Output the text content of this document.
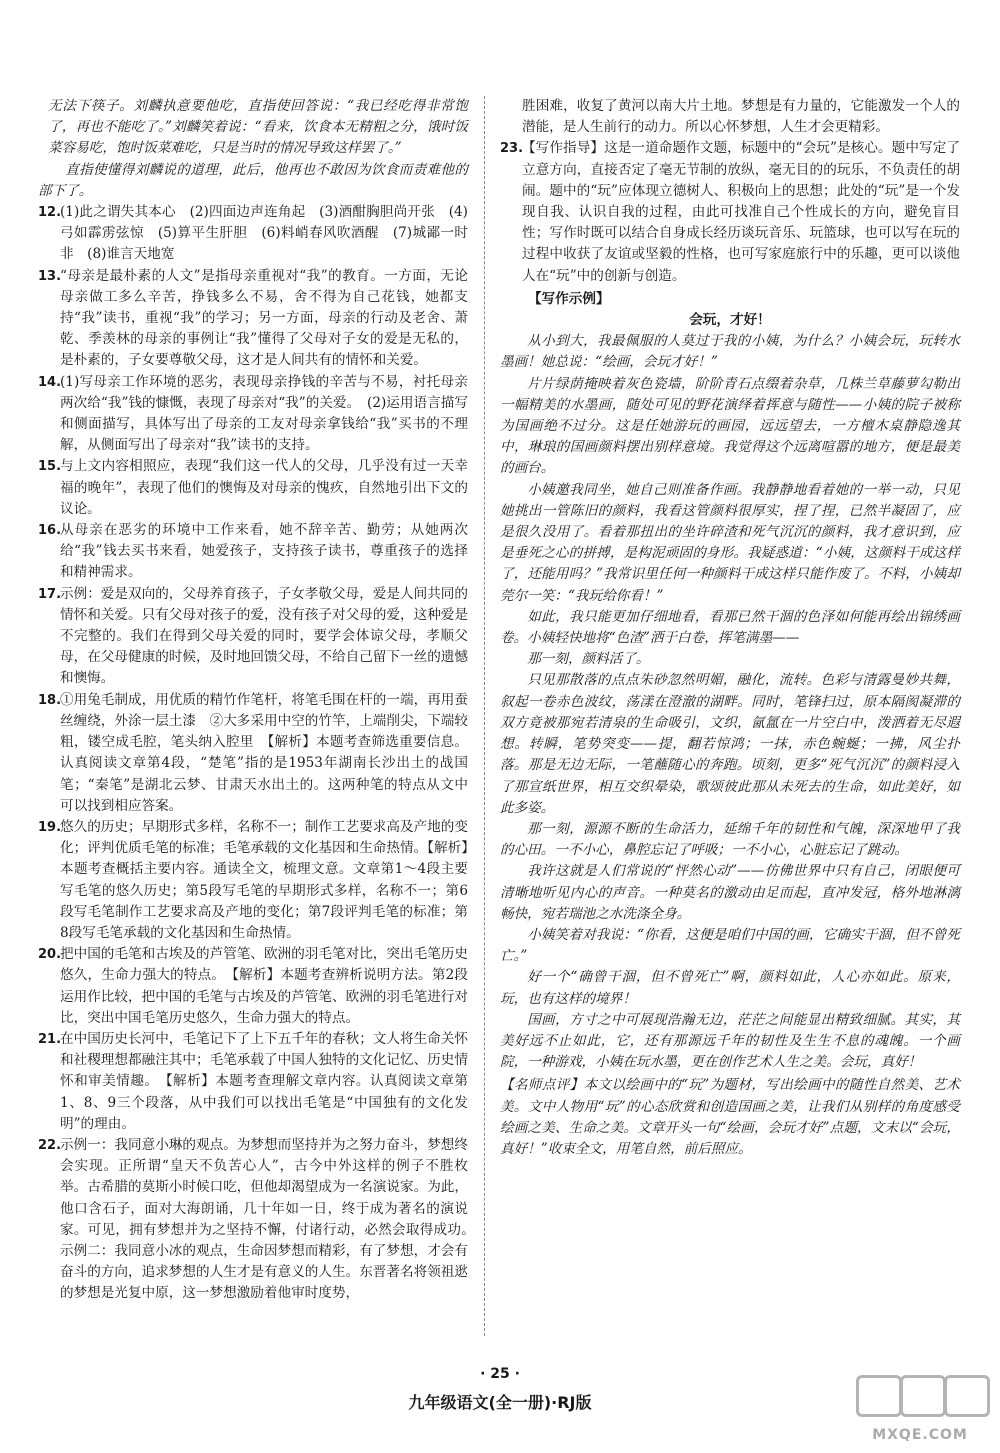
无法下筷子。刘麟执意要他吃，直指使回答说：“我已经吃得非常饱了，再也不能吃了。”刘麟笑着说：“看来，饮食本无精粗之分，饿时饭菜容易吃，饱时饭菜难吃，只是当时的情况导致这样罢了。”

直指使懂得刘麟说的道理，此后，他再也不敢因为饮食而责难他的部下了。

12.
(1)此之谓失其本心　(2)四面边声连角起　(3)酒酣胸胆尚开张　(4)弓如霹雳弦惊　(5)算平生肝胆　(6)料峭春风吹酒醒　(7)城鄙一时非　(8)谁言天地宽
13.
“母亲是最朴素的人文”是指母亲重视对“我”的教育。一方面，无论母亲做工多么辛苦，挣钱多么不易，舍不得为自己花钱，她都支持“我”读书，重视“我”的学习；另一方面，母亲的行动及老舍、萧乾、季羡林的母亲的事例让“我”懂得了父母对子女的爱是无私的，是朴素的，子女要尊敬父母，这才是人间共有的情怀和关爱。
14.
(1)写母亲工作环境的恶劣，表现母亲挣钱的辛苦与不易，衬托母亲两次给“我”钱的慷慨，表现了母亲对“我”的关爱。　(2)运用语言描写和侧面描写，具体写出了母亲的工友对母亲拿钱给“我”买书的不理解，从侧面写出了母亲对“我”读书的支持。
15.
与上文内容相照应，表现“我们这一代人的父母，几乎没有过一天幸福的晚年”，表现了他们的懊悔及对母亲的愧疚，自然地引出下文的议论。
16.
从母亲在恶劣的环境中工作来看，她不辞辛苦、勤劳；从她两次给“我”钱去买书来看，她爱孩子，支持孩子读书，尊重孩子的选择和精神需求。
17.
示例：爱是双向的，父母养育孩子，子女孝敬父母，爱是人间共同的情怀和关爱。只有父母对孩子的爱，没有孩子对父母的爱，这种爱是不完整的。我们在得到父母关爱的同时，要学会体谅父母，孝顺父母，在父母健康的时候，及时地回馈父母，不给自己留下一丝的遗憾和懊悔。
18.
①用兔毛制成，用优质的精竹作笔杆，将笔毛围在杆的一端，再用蚕丝缠绕，外涂一层土漆　②大多采用中空的竹竿，上端削尖，下端较粗，镂空成毛腔，笔头纳入腔里　【解析】本题考查筛选重要信息。认真阅读文章第4段，“楚笔”指的是1953年湖南长沙出土的战国笔；“秦笔”是湖北云梦、甘肃天水出土的。这两种笔的特点从文中可以找到相应答案。
19.
悠久的历史；早期形式多样，名称不一；制作工艺要求高及产地的变化；评判优质毛笔的标准；毛笔承载的文化基因和生命热情。【解析】本题考查概括主要内容。通读全文，梳理文意。文章第1～4段主要写毛笔的悠久历史；第5段写毛笔的早期形式多样，名称不一；第6段写毛笔制作工艺要求高及产地的变化；第7段评判毛笔的标准；第8段写毛笔承载的文化基因和生命热情。
20.
把中国的毛笔和古埃及的芦管笔、欧洲的羽毛笔对比，突出毛笔历史悠久，生命力强大的特点。　【解析】本题考查辨析说明方法。第2段运用作比较，把中国的毛笔与古埃及的芦管笔、欧洲的羽毛笔进行对比，突出中国毛笔历史悠久，生命力强大的特点。
21.
在中国历史长河中，毛笔记下了上下五千年的春秋；文人将生命关怀和社稷理想都融注其中；毛笔承载了中国人独特的文化记忆、历史情怀和审美情趣。　【解析】本题考查理解文章内容。认真阅读文章第1、8、9三个段落，从中我们可以找出毛笔是“中国独有的文化发明”的理由。
22.
示例一：我同意小琳的观点。为梦想而坚持并为之努力奋斗，梦想终会实现。正所谓“皇天不负苦心人”，古今中外这样的例子不胜枚举。古希腊的莫斯小时候口吃，但他却渴望成为一名演说家。为此，他口含石子，面对大海朗诵，几十年如一日，终于成为著名的演说家。可见，拥有梦想并为之坚持不懈，付诸行动，必然会取得成功。　示例二：我同意小冰的观点，生命因梦想而精彩，有了梦想，才会有奋斗的方向，追求梦想的人生才是有意义的人生。东晋著名将领祖逖的梦想是光复中原，这一梦想激励着他审时度势，

胜困难，收复了黄河以南大片土地。梦想是有力量的，它能激发一个人的潜能，是人生前行的动力。所以心怀梦想，人生才会更精彩。

23.
【写作指导】这是一道命题作文题，标题中的“会玩”是核心。题中写定了立意方向，直接否定了毫无节制的放纵，毫无目的的玩乐，不负责任的胡闹。题中的“玩”应体现立德树人、积极向上的思想；此处的“玩”是一个发现自我、认识自我的过程，由此可找准自己个性成长的方向，避免盲目性；写作时既可以结合自身成长经历谈玩音乐、玩篮球，也可以写在玩的过程中收获了友谊或坚毅的性格，也可写家庭旅行中的乐趣，更可以谈他人在“玩”中的创新与创造。

【写作示例】

会玩，才好！

从小到大，我最佩服的人莫过于我的小姨，为什么？小姨会玩，玩转水墨画！她总说：“绘画，会玩才好！”

片片绿荫掩映着灰色瓷墙，阶阶青石点缀着杂草，几株兰草藤萝勾勒出一幅精美的水墨画，随处可见的野花演绎着挥意与随性——小姨的院子被称为国画绝不过分。这是任她游玩的画园，远远望去，一方檀木桌静隐逸其中，琳琅的国画颜料摆出别样意境。我觉得这个远离喧嚣的地方，便是最美的画台。

小姨邀我同坐，她自己则准备作画。我静静地看着她的一举一动，只见她挑出一管陈旧的颜料，我看这管颜料很厚实，捏了捏，已然半凝固了，应是很久没用了。看着那扭出的坐许碎渣和死气沉沉的颜料，我才意识到，应是垂死之心的拼搏，是构泥顽固的身形。我疑惑道：“小姨，这颜料干成这样了，还能用吗？”我常识里任何一种颜料干成这样只能作废了。不料，小姨却莞尔一笑：“我玩给你看！”

如此，我只能更加仔细地看，看那已然干涸的色泽如何能再绘出锦绣画卷。小姨轻快地将“色渣”洒于白卷，挥笔满墨——

那一刻，颜料活了。

只见那散落的点点朱砂忽然明媚，融化，流转。色彩与清露曼妙共舞，叙起一卷赤色波纹，荡漾在澄澈的湖畔。同时，笔锋扫过，原本隔阂凝滞的双方竟被那宛若清泉的生命吸引，文织，氤氲在一片空白中，泼洒着无尽遐想。转瞬，笔势突变——提，翻若惊鸿；一抹，赤色蜿蜒；一拂，风尘扑落。那是无边无际，一笔蘸随心的奔跑。顷刻，更多“死气沉沉”的颜料浸入了那宣纸世界，相互交织晕染，歌颂彼此那从未死去的生命，如此美好，如此多姿。

那一刻，源源不断的生命活力，延绵千年的韧性和气魄，深深地甲了我的心田。一不小心，鼻腔忘记了呼吸；一不小心，心脏忘记了跳动。

我许这就是人们常说的“怦然心动”——仿佛世界中只有自己，闭眼便可清晰地听见内心的声音。一种莫名的激动由足而起，直冲发冠，格外地淋漓畅快，宛若瑞池之水洗涤全身。

小姨笑着对我说：“你看，这便是咱们中国的画，它确实干涸，但不曾死亡。”

好一个“确曾干涸，但不曾死亡”啊，颜料如此，人心亦如此。原来，玩，也有这样的境界！

国画，方寸之中可展现浩瀚无边，茫茫之间能显出精致细腻。其实，其美好远不止如此，它，还有那源远千年的韧性及生生不息的魂魄。一个画院，一种游戏，小姨在玩水墨，更在创作艺术人生之美。会玩，真好！

【名师点评】本文以绘画中的“玩”为题材，写出绘画中的随性自然美、艺术美。文中人物用“玩”的心态欣赏和创造国画之美，让我们从别样的角度感受绘画之美、生命之美。文章开头一句“绘画，会玩才好”点题，文末以“会玩，真好！”收束全文，用笔自然，前后照应。

· 25 ·
九年级语文(全一册)·RJ版
MXQE.COM
